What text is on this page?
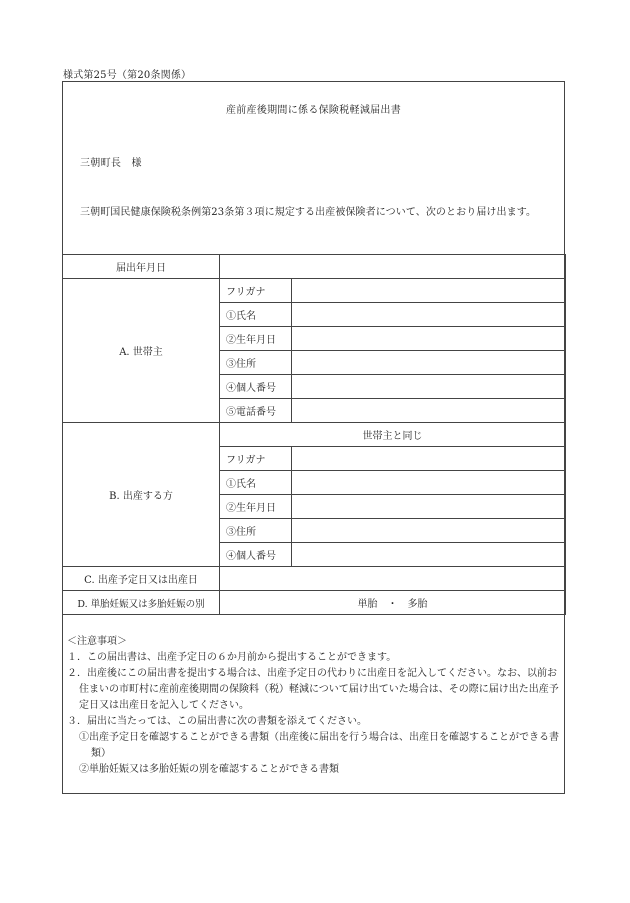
様式第25号（第20条関係）
産前産後期間に係る保険税軽減届出書
三朝町長　様
三朝町国民健康保険税条例第23条第３項に規定する出産被保険者について、次のとおり届け出ます。
届出年月日		
A. 世帯主	フリガナ	
	①氏名	
	②生年月日	
	③住所	
	④個人番号	
	⑤電話番号	
B. 出産する方	世帯主と同じ	
	フリガナ	
	①氏名	
	②生年月日	
	③住所	
	④個人番号	
C. 出産予定日又は出産日		
D. 単胎妊娠又は多胎妊娠の別	単胎　・　多胎	
＜注意事項＞
１．この届出書は、出産予定日の６か月前から提出することができます。
２．出産後にこの届出書を提出する場合は、出産予定日の代わりに出産日を記入してください。なお、以前お住まいの市町村に産前産後期間の保険料（税）軽減について届け出ていた場合は、その際に届け出た出産予定日又は出産日を記入してください。
３．届出に当たっては、この届出書に次の書類を添えてください。
①出産予定日を確認することができる書類（出産後に届出を行う場合は、出産日を確認することができる書類）
②単胎妊娠又は多胎妊娠の別を確認することができる書類
